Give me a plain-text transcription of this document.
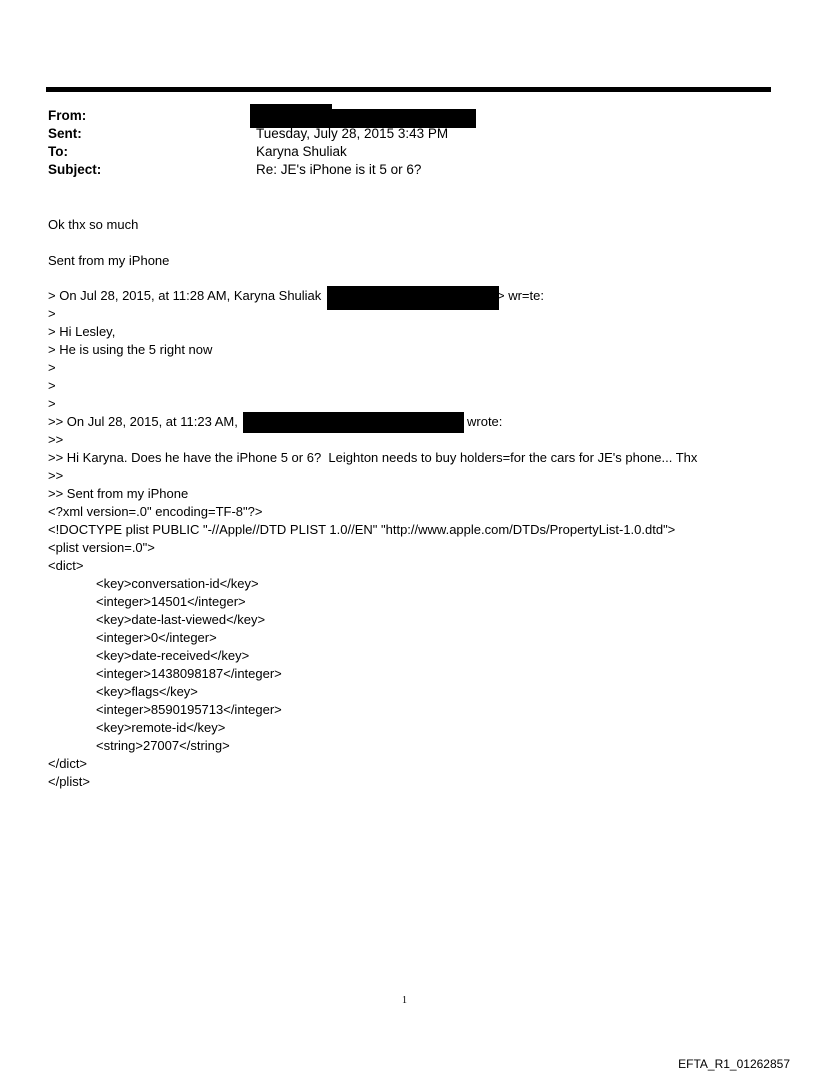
From:
Sent:	Tuesday, July 28, 2015 3:43 PM
To:	Karyna Shuliak
Subject:	Re: JE's iPhone is it 5 or 6?
Ok thx so much
Sent from my iPhone
> On Jul 28, 2015, at 11:28 AM, Karyna Shuliak	> wr=te:
>
> Hi Lesley,
> He is using the 5 right now
>
>
>
>> On Jul 28, 2015, at 11:23 AM,	wrote:
>>
>> Hi Karyna. Does he have the iPhone 5 or 6?  Leighton needs to buy holders=for the cars for JE's phone... Thx
>>
>> Sent from my iPhone
<?xml version=.0" encoding=TF-8"?>
<!DOCTYPE plist PUBLIC "-//Apple//DTD PLIST 1.0//EN" "http://www.apple.com/DTDs/PropertyList-1.0.dtd">
<plist version=.0">
<dict>
<key>conversation-id</key>
<integer>14501</integer>
<key>date-last-viewed</key>
<integer>0</integer>
<key>date-received</key>
<integer>1438098187</integer>
<key>flags</key>
<integer>8590195713</integer>
<key>remote-id</key>
<string>27007</string>
</dict>
</plist>
1
EFTA_R1_01262857
